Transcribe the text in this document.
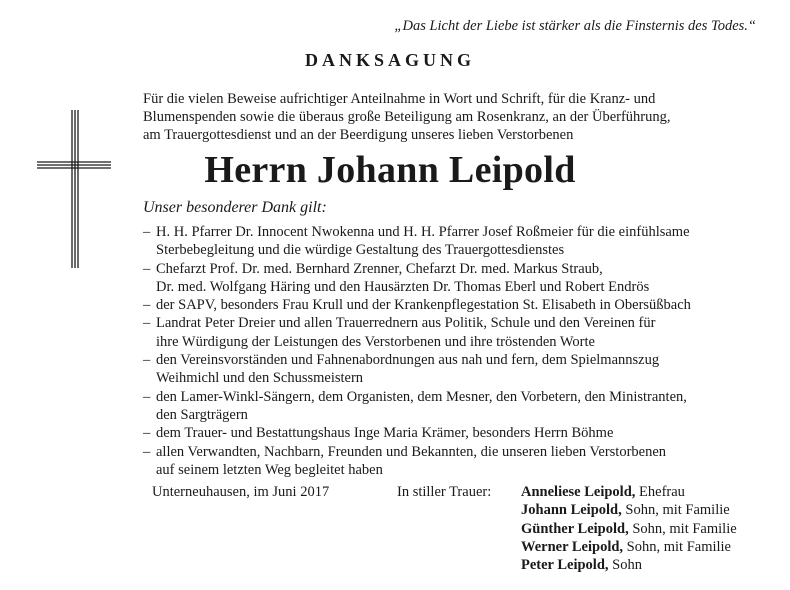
„Das Licht der Liebe ist stärker als die Finsternis des Todes.“
DANKSAGUNG
Für die vielen Beweise aufrichtiger Anteilnahme in Wort und Schrift, für die Kranz- und
Blumenspenden sowie die überaus große Beteiligung am Rosenkranz, an der Überführung,
am Trauergottesdienst und an der Beerdigung unseres lieben Verstorbenen
Herrn Johann Leipold
Unser besonderer Dank gilt:
– H. H. Pfarrer Dr. Innocent Nwokenna und H. H. Pfarrer Josef Roßmeier für die einfühlsame
Sterbebegleitung und die würdige Gestaltung des Trauergottesdienstes
– Chefarzt Prof. Dr. med. Bernhard Zrenner, Chefarzt Dr. med. Markus Straub,
Dr. med. Wolfgang Häring und den Hausärzten Dr. Thomas Eberl und Robert Endrös
– der SAPV, besonders Frau Krull und der Krankenpflegestation St. Elisabeth in Obersüßbach
– Landrat Peter Dreier und allen Trauerrednern aus Politik, Schule und den Vereinen für
ihre Würdigung der Leistungen des Verstorbenen und ihre tröstenden Worte
– den Vereinsvorständen und Fahnenabordnungen aus nah und fern, dem Spielmannszug
Weihmichl und den Schussmeistern
– den Lamer-Winkl-Sängern, dem Organisten, dem Mesner, den Vorbetern, den Ministranten,
den Sargträgern
– dem Trauer- und Bestattungshaus Inge Maria Krämer, besonders Herrn Böhme
– allen Verwandten, Nachbarn, Freunden und Bekannten, die unseren lieben Verstorbenen
auf seinem letzten Weg begleitet haben
Unterneuhausen, im Juni 2017	In stiller Trauer: Anneliese Leipold, Ehefrau
Johann Leipold, Sohn, mit Familie
Günther Leipold, Sohn, mit Familie
Werner Leipold, Sohn, mit Familie
Peter Leipold, Sohn
